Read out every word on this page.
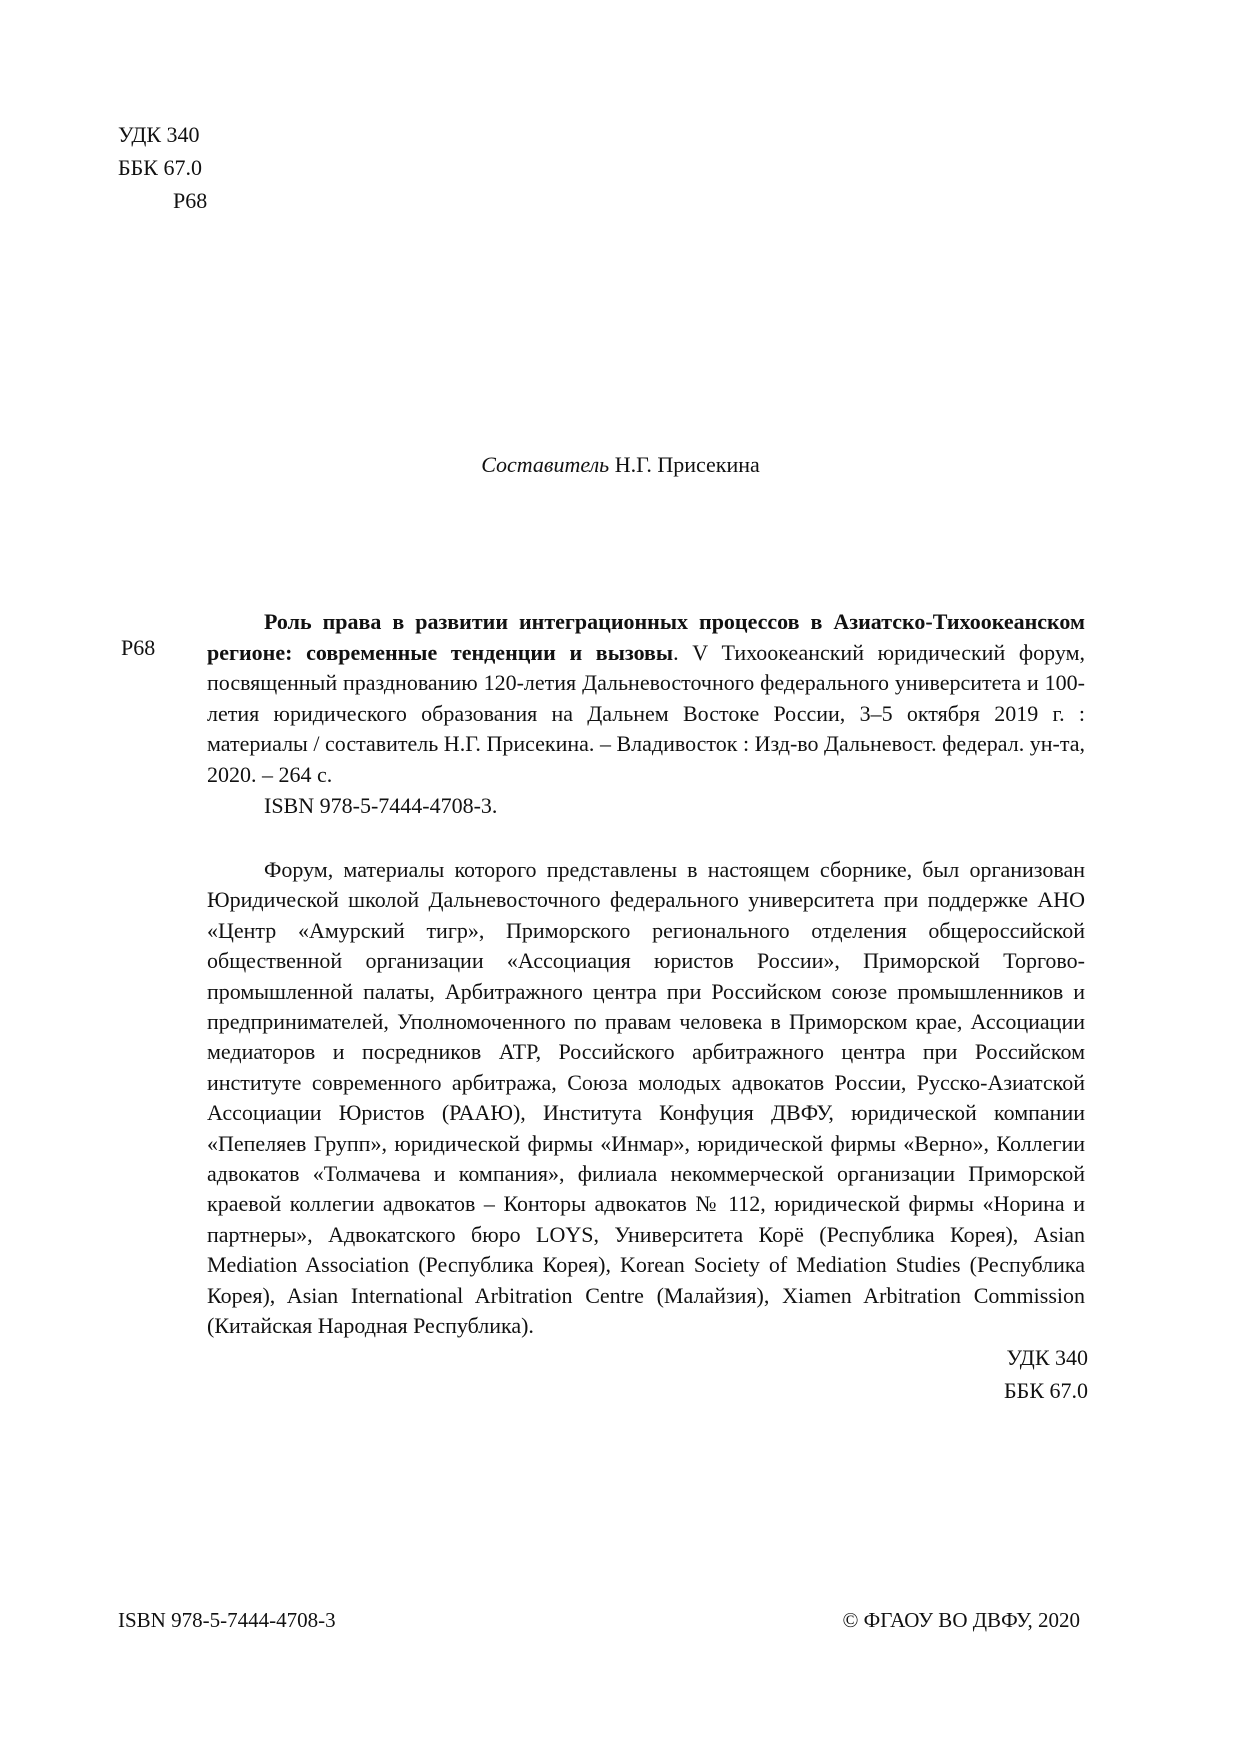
УДК 340
ББК 67.0
Р68
Составитель Н.Г. Присекина
Р68

Роль права в развитии интеграционных процессов в Азиатско-Тихоокеанском регионе: современные тенденции и вызовы. V Тихоокеанский юридический форум, посвященный празднованию 120-летия Дальневосточного федерального университета и 100-летия юридического образования на Дальнем Востоке России, 3–5 октября 2019 г. : материалы / составитель Н.Г. Присекина. – Владивосток : Изд-во Дальневост. федерал. ун-та, 2020. – 264 с.

ISBN 978-5-7444-4708-3.

Форум, материалы которого представлены в настоящем сборнике, был организован Юридической школой Дальневосточного федерального университета при поддержке АНО «Центр «Амурский тигр», Приморского регионального отделения общероссийской общественной организации «Ассоциация юристов России», Приморской Торгово-промышленной палаты, Арбитражного центра при Российском союзе промышленников и предпринимателей, Уполномоченного по правам человека в Приморском крае, Ассоциации медиаторов и посредников АТР, Российского арбитражного центра при Российском институте современного арбитража, Союза молодых адвокатов России, Русско-Азиатской Ассоциации Юристов (РААЮ), Института Конфуция ДВФУ, юридической компании «Пепеляев Групп», юридической фирмы «Инмар», юридической фирмы «Верно», Коллегии адвокатов «Толмачева и компания», филиала некоммерческой организации Приморской краевой коллегии адвокатов – Конторы адвокатов № 112, юридической фирмы «Норина и партнеры», Адвокатского бюро LOYS, Университета Корё (Республика Корея), Asian Mediation Association (Республика Корея), Korean Society of Mediation Studies (Республика Корея), Asian International Arbitration Centre (Малайзия), Xiamen Arbitration Commission (Китайская Народная Республика).

УДК 340
ББК 67.0
ISBN 978-5-7444-4708-3	© ФГАОУ ВО ДВФУ, 2020
